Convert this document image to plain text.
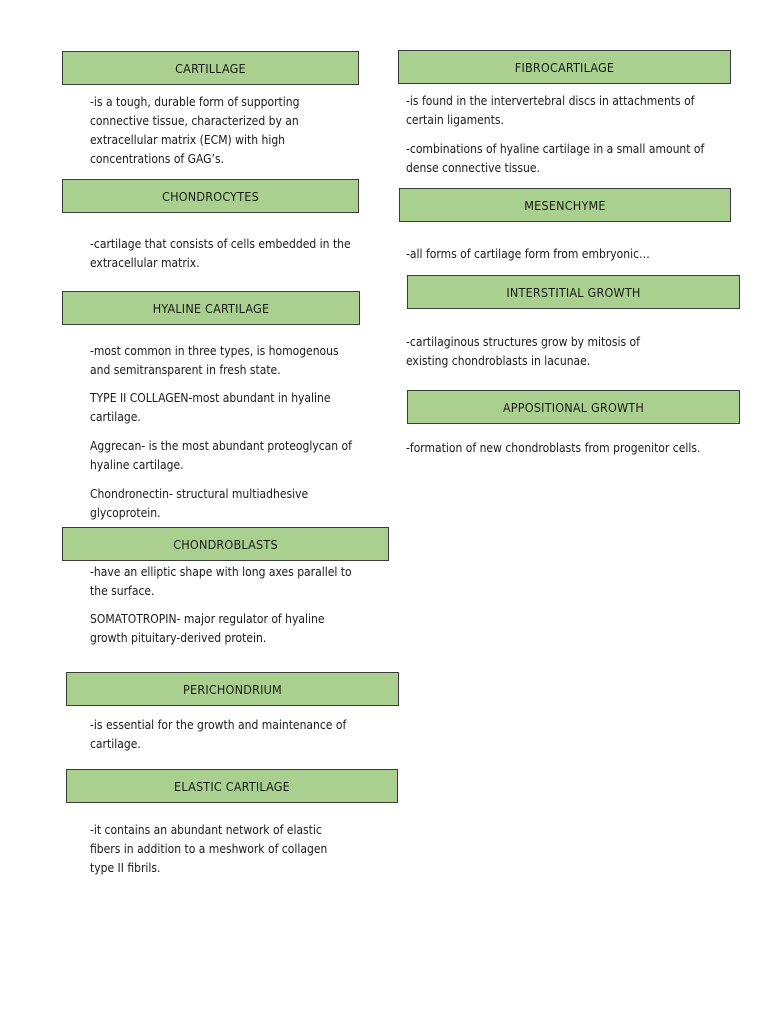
CARTILLAGE

-is a tough, durable form of supporting
connective tissue, characterized by an
extracellular matrix (ECM) with high
concentrations of GAG’s.

CHONDROCYTES

-cartilage that consists of cells embedded in the
extracellular matrix.

HYALINE CARTILAGE

-most common in three types, is homogenous
and semitransparent in fresh state.

TYPE II COLLAGEN-most abundant in hyaline
cartilage.

Aggrecan- is the most abundant proteoglycan of
hyaline cartilage.

Chondronectin- structural multiadhesive
glycoprotein.

CHONDROBLASTS

-have an elliptic shape with long axes parallel to
the surface.

SOMATOTROPIN- major regulator of hyaline
growth pituitary-derived protein.

PERICHONDRIUM

-is essential for the growth and maintenance of
cartilage.

ELASTIC CARTILAGE

-it contains an abundant network of elastic
fibers in addition to a meshwork of collagen
type II fibrils.

FIBROCARTILAGE

-is found in the intervertebral discs in attachments of
certain ligaments.

-combinations of hyaline cartilage in a small amount of
dense connective tissue.

MESENCHYME

-all forms of cartilage form from embryonic…

INTERSTITIAL GROWTH

-cartilaginous structures grow by mitosis of
existing chondroblasts in lacunae.

APPOSITIONAL GROWTH

-formation of new chondroblasts from progenitor cells.
